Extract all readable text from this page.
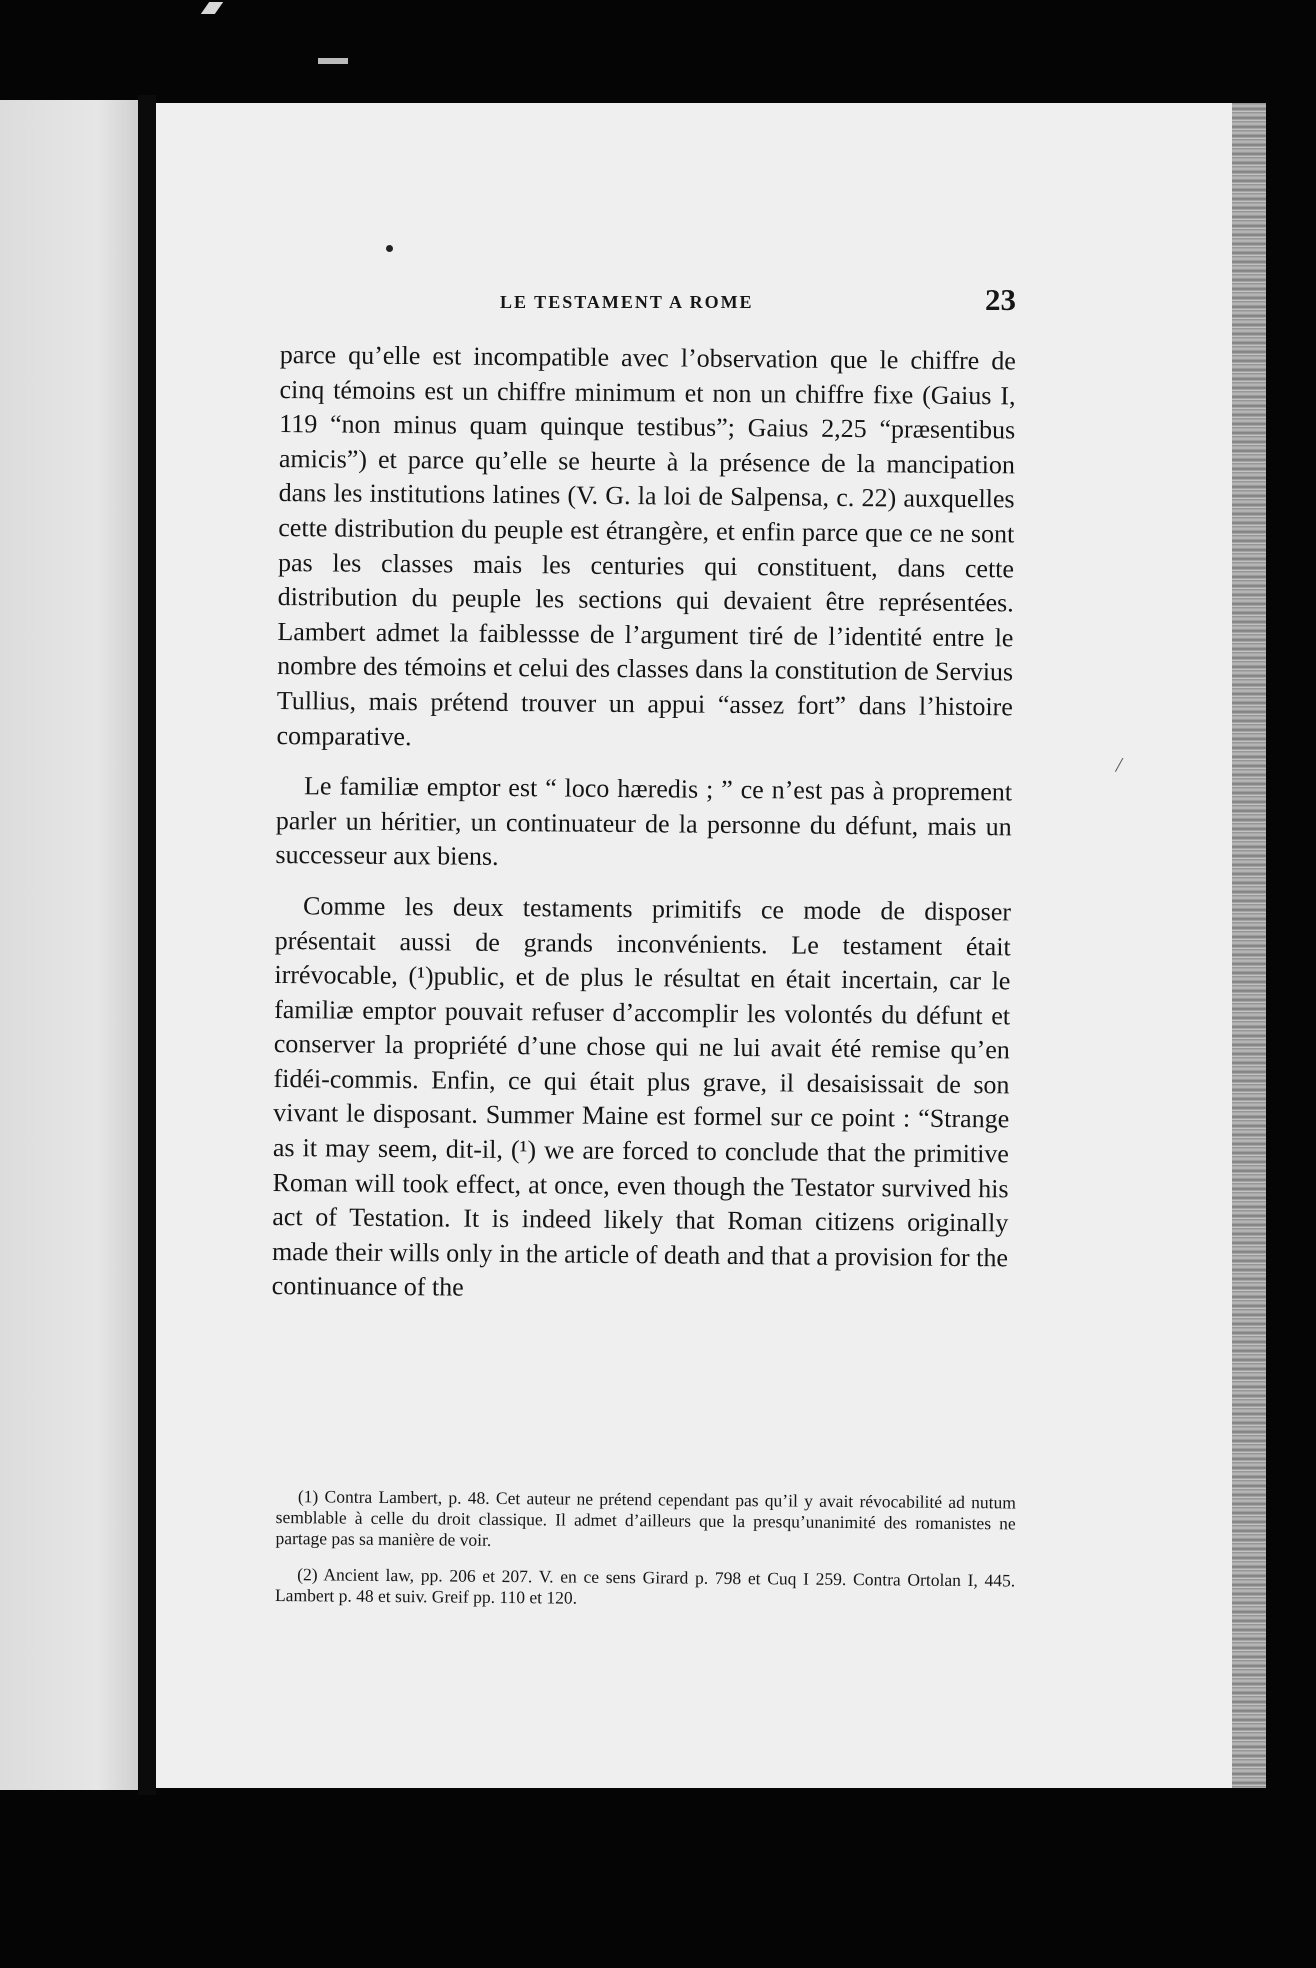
/
LE TESTAMENT A ROME	23

parce qu’elle est incompatible avec l’observation que le chiffre de cinq témoins est un chiffre minimum et non un chiffre fixe (Gaius I, 119 “non minus quam quinque testibus”; Gaius 2,25 “præsentibus amicis”) et parce qu’elle se heurte à la présence de la mancipation dans les institutions latines (V. G. la loi de Salpensa, c. 22) auxquelles cette distribution du peuple est étrangère, et enfin parce que ce ne sont pas les classes mais les centuries qui constituent, dans cette distribution du peuple les sections qui devaient être représentées. Lambert admet la faiblessse de l’argument tiré de l’identité entre le nombre des témoins et celui des classes dans la constitution de Servius Tullius, mais prétend trouver un appui “assez fort” dans l’histoire comparative.

Le familiæ emptor est “ loco hæredis ; ” ce n’est pas à proprement parler un héritier, un continuateur de la personne du défunt, mais un successeur aux biens.

Comme les deux testaments primitifs ce mode de disposer présentait aussi de grands inconvénients. Le testament était irrévocable, (¹)public, et de plus le résultat en était incertain, car le familiæ emptor pouvait refuser d’accomplir les volontés du défunt et conserver la propriété d’une chose qui ne lui avait été remise qu’en fidéi-commis. Enfin, ce qui était plus grave, il desaisissait de son vivant le disposant. Summer Maine est formel sur ce point : “Strange as it may seem, dit-il, (¹) we are forced to conclude that the primitive Roman will took effect, at once, even though the Testator survived his act of Testation. It is indeed likely that Roman citizens originally made their wills only in the article of death and that a provision for the continuance of the

(1) Contra Lambert, p. 48. Cet auteur ne prétend cependant pas qu’il y avait révocabilité ad nutum semblable à celle du droit classique. Il admet d’ailleurs que la presqu’unanimité des romanistes ne partage pas sa manière de voir.

(2) Ancient law, pp. 206 et 207. V. en ce sens Girard p. 798 et Cuq I 259. Contra Ortolan I, 445. Lambert p. 48 et suiv. Greif pp. 110 et 120.
